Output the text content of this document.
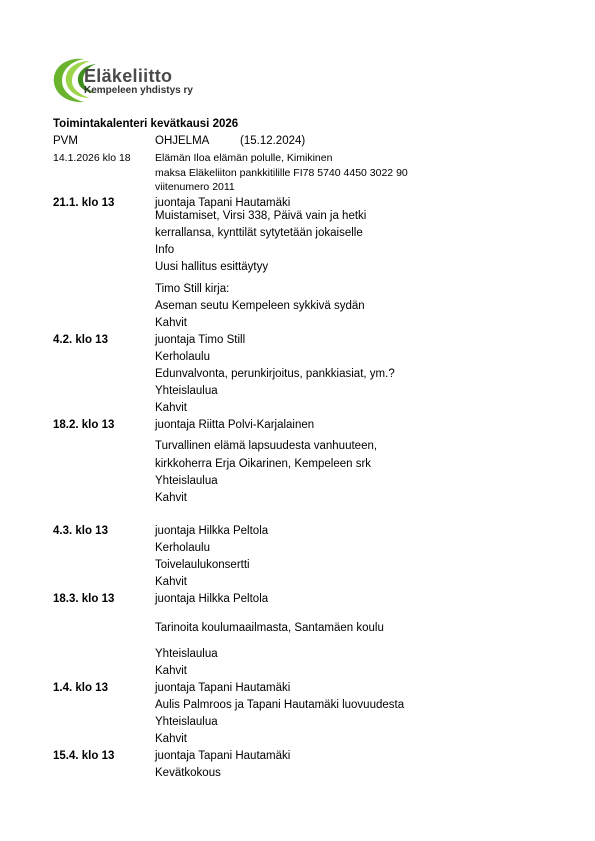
Eläkeliitto
Kempeleen yhdistys ry
Toimintakalenteri kevätkausi 2026
PVM	OHJELMA	(15.12.2024)
14.1.2026 klo 18 Elämän Iloa elämän polulle, Kimikinen
maksa Eläkeliiton pankkitilille FI78 5740 4450 3022 90
viitenumero 2011
21.1. klo 13	juontaja Tapani Hautamäki
Muistamiset, Virsi 338, Päivä vain ja hetki
kerrallansa, kynttilät sytytetään jokaiselle
Info
Uusi hallitus esittäytyy
Timo Still kirja:
Aseman seutu Kempeleen sykkivä sydän
Kahvit
4.2. klo 13	juontaja Timo Still
Kerholaulu
Edunvalvonta, perunkirjoitus, pankkiasiat, ym.?
Yhteislaulua
Kahvit
18.2. klo 13	juontaja Riitta Polvi-Karjalainen
Turvallinen elämä lapsuudesta vanhuuteen,
kirkkoherra Erja Oikarinen, Kempeleen srk
Yhteislaulua
Kahvit
4.3. klo 13	juontaja Hilkka Peltola
Kerholaulu
Toivelaulukonsertti
Kahvit
18.3. klo 13	juontaja Hilkka Peltola
Tarinoita koulumaailmasta, Santamäen koulu
Yhteislaulua
Kahvit
1.4. klo 13	juontaja Tapani Hautamäki
Aulis Palmroos ja Tapani Hautamäki luovuudesta
Yhteislaulua
Kahvit
15.4. klo 13	juontaja Tapani Hautamäki
Kevätkokous
